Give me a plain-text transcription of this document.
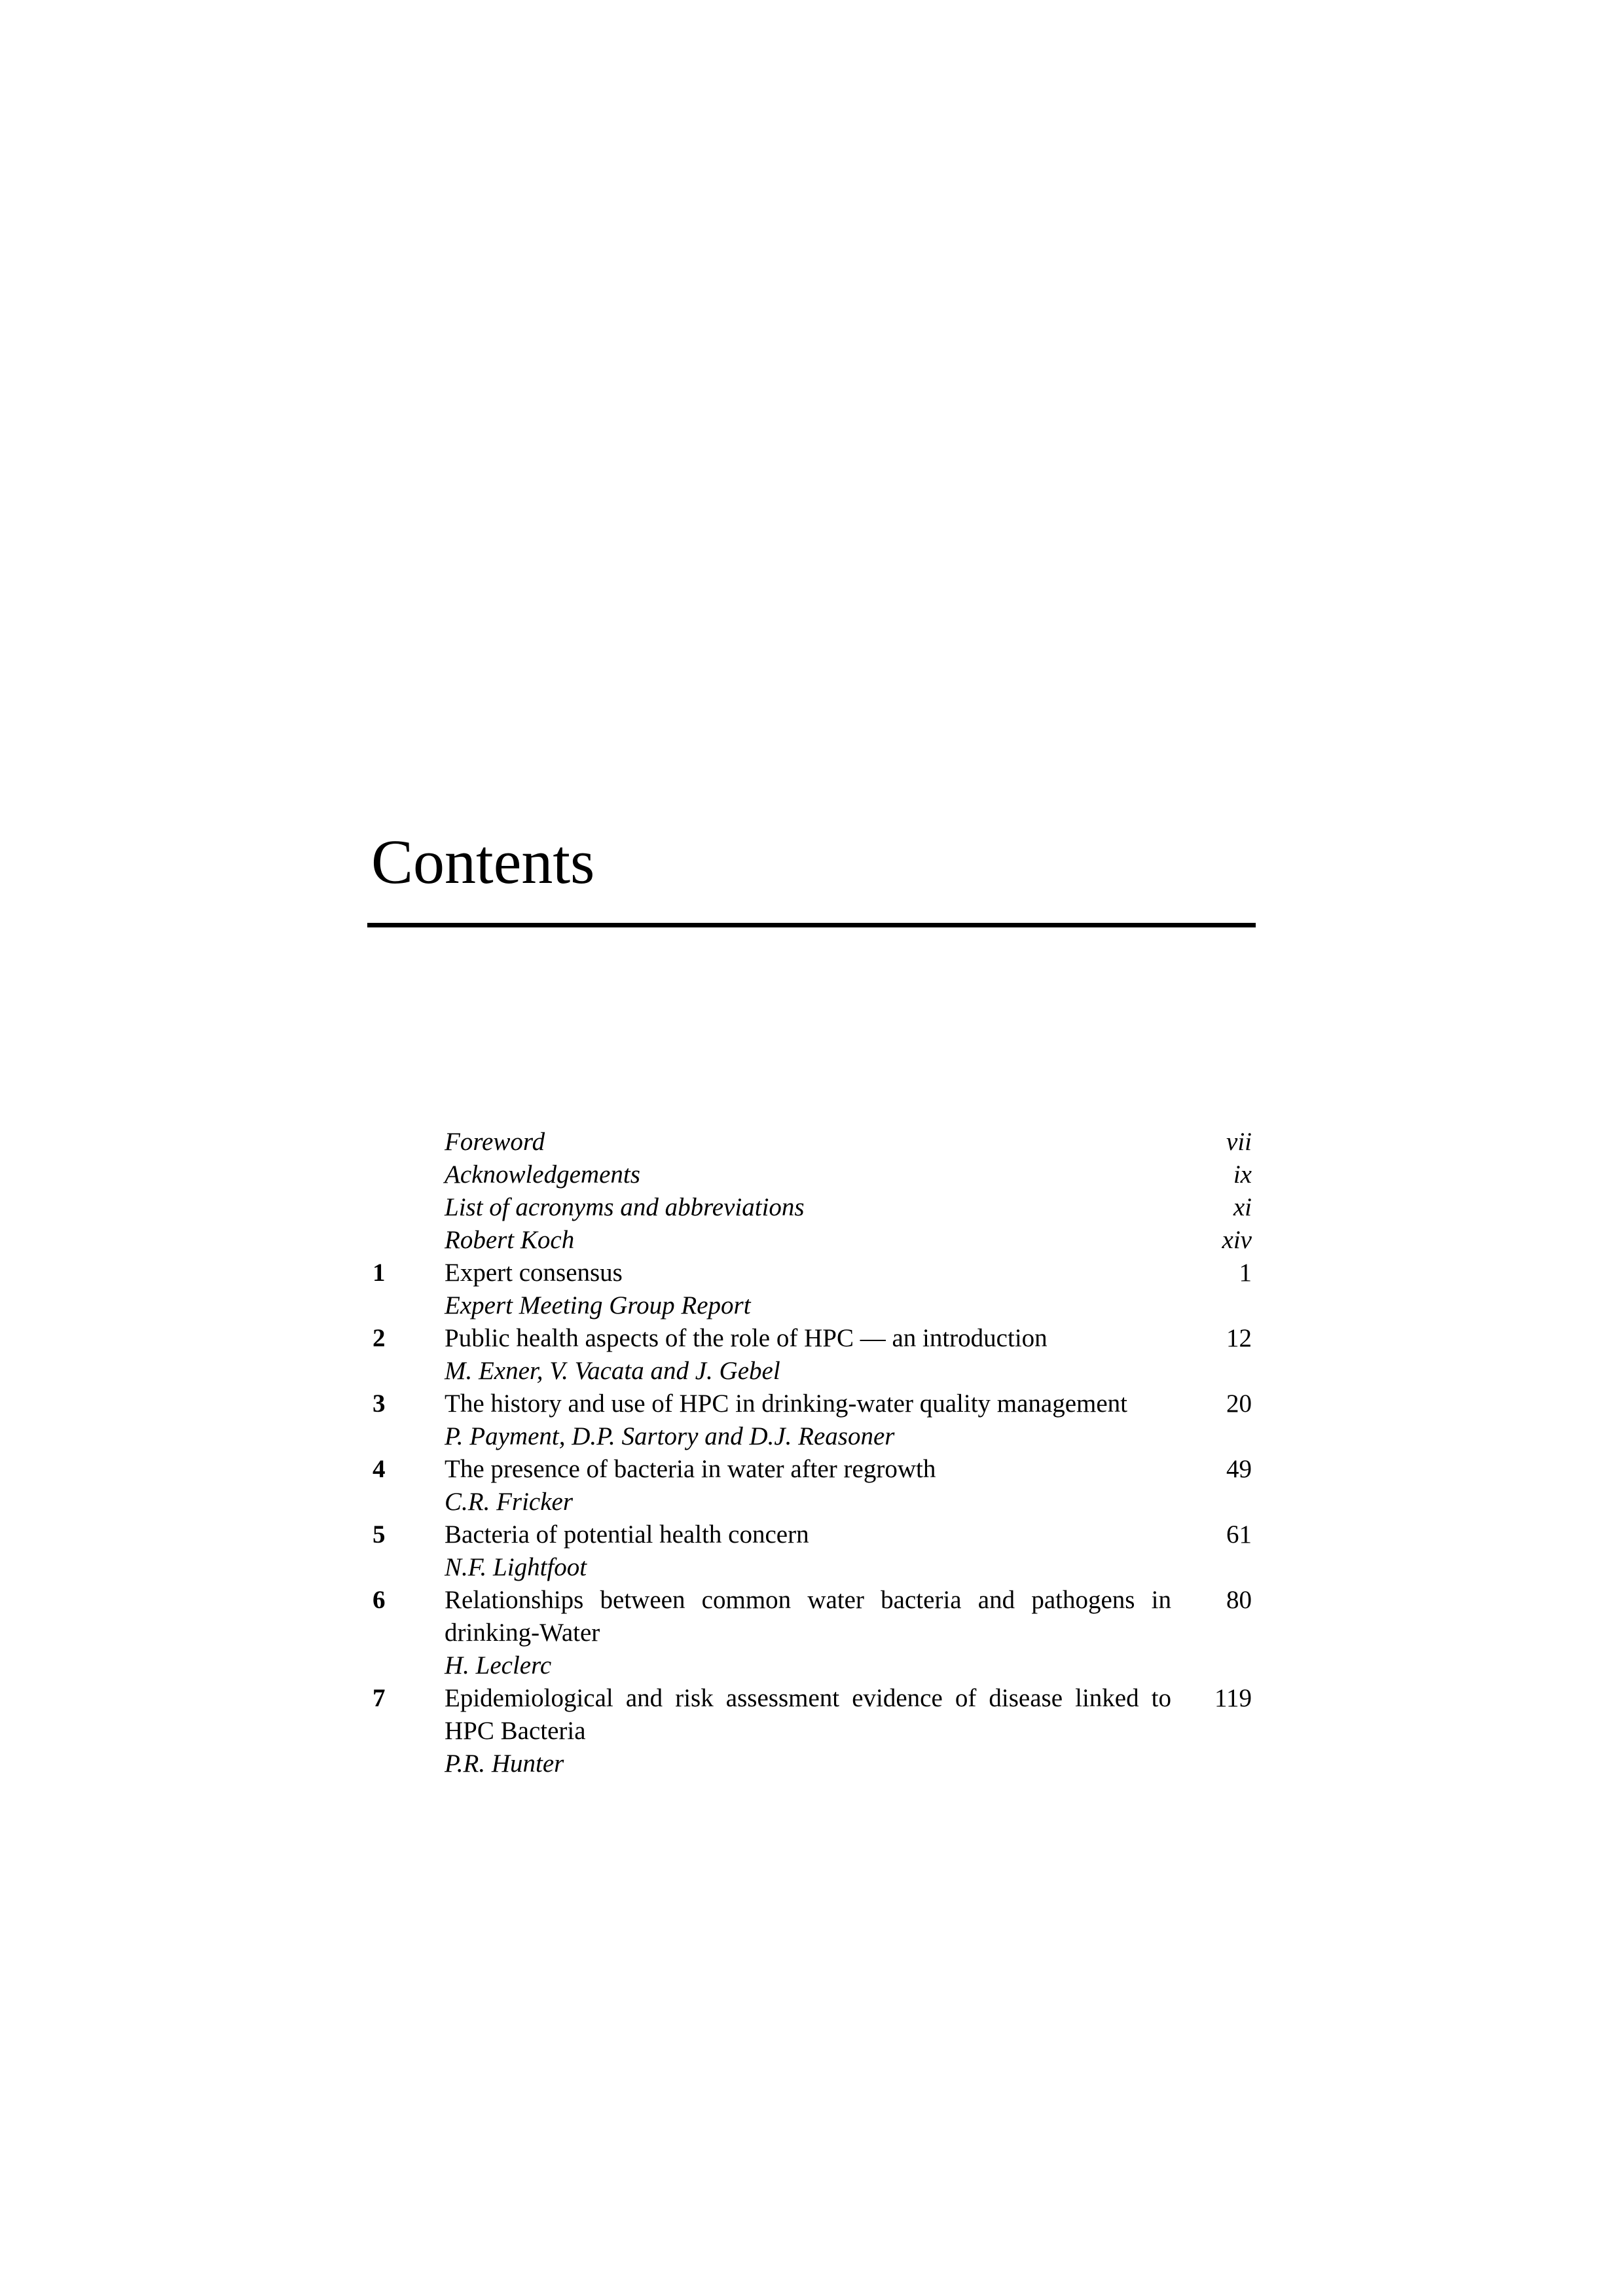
Contents
Foreword	vii
Acknowledgements	ix
List of acronyms and abbreviations	xi
Robert Koch	xiv
1	Expert consensus	1
Expert Meeting Group Report
2	Public health aspects of the role of HPC — an introduction	12
M. Exner, V. Vacata and J. Gebel
3	The history and use of HPC in drinking-water quality management	20
P. Payment, D.P. Sartory and D.J. Reasoner
4	The presence of bacteria in water after regrowth	49
C.R. Fricker
5	Bacteria of potential health concern	61
N.F. Lightfoot
6	Relationships between common water bacteria and pathogens in	80
drinking-Water
H. Leclerc
7	Epidemiological and risk assessment evidence of disease linked to	119
HPC Bacteria
P.R. Hunter
